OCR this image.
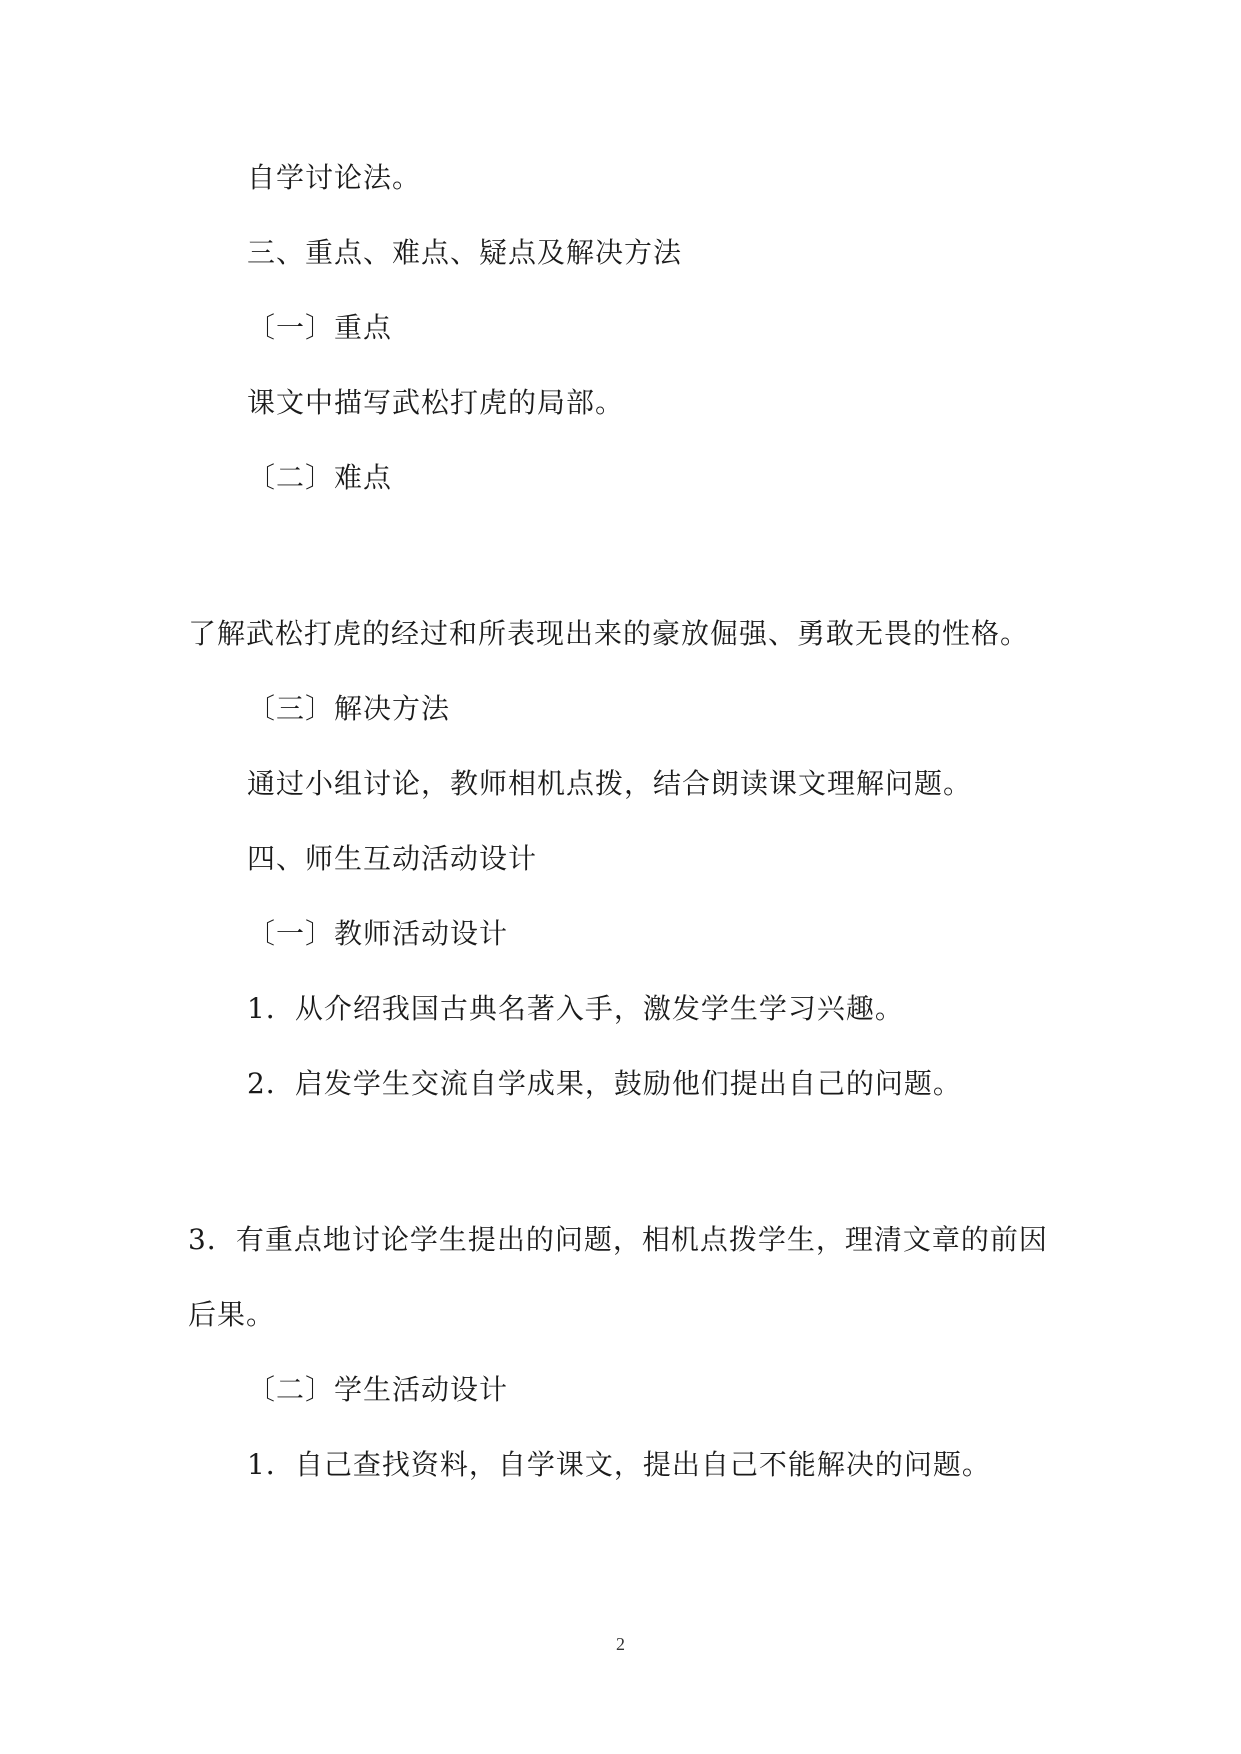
自学讨论法。
三、重点、难点、疑点及解决方法
〔一〕重点
课文中描写武松打虎的局部。
〔二〕难点
了解武松打虎的经过和所表现出来的豪放倔强、勇敢无畏的性格。
〔三〕解决方法
通过小组讨论，教师相机点拨，结合朗读课文理解问题。
四、师生互动活动设计
〔一〕教师活动设计
1．从介绍我国古典名著入手，激发学生学习兴趣。
2．启发学生交流自学成果，鼓励他们提出自己的问题。
3．有重点地讨论学生提出的问题，相机点拨学生，理清文章的前因
后果。
〔二〕学生活动设计
1．自己查找资料，自学课文，提出自己不能解决的问题。
2
